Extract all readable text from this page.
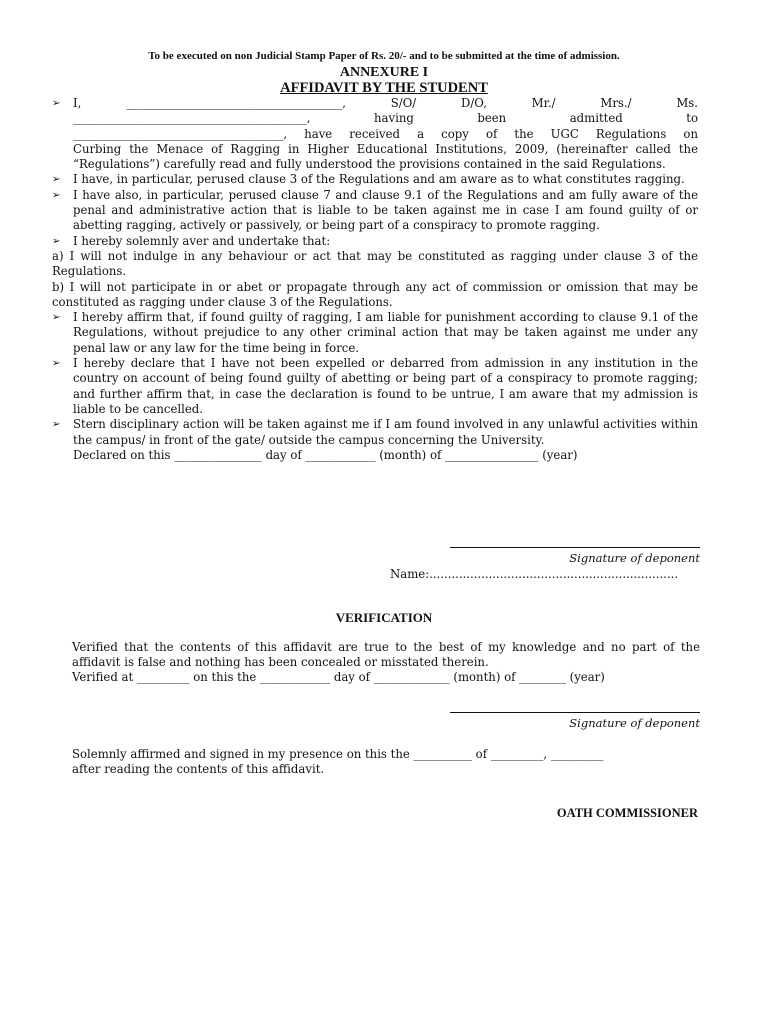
To be executed on non Judicial Stamp Paper of Rs. 20/- and to be submitted at the time of admission.
ANNEXURE I
AFFIDAVIT BY THE STUDENT
➢ I, _____________________________________, S/O/ D/O, Mr./ Mrs./ Ms.
________________________________________, having been admitted to
____________________________________, have received a copy of the UGC Regulations on
Curbing the Menace of Ragging in Higher Educational Institutions, 2009, (hereinafter called the “Regulations”) carefully read and fully understood the provisions contained in the said Regulations.
➢ I have, in particular, perused clause 3 of the Regulations and am aware as to what constitutes ragging.
➢ I have also, in particular, perused clause 7 and clause 9.1 of the Regulations and am fully aware of the penal and administrative action that is liable to be taken against me in case I am found guilty of or abetting ragging, actively or passively, or being part of a conspiracy to promote ragging.
➢ I hereby solemnly aver and undertake that:
a) I will not indulge in any behaviour or act that may be constituted as ragging under clause 3 of the Regulations.
b) I will not participate in or abet or propagate through any act of commission or omission that may be constituted as ragging under clause 3 of the Regulations.
➢ I hereby affirm that, if found guilty of ragging, I am liable for punishment according to clause 9.1 of the Regulations, without prejudice to any other criminal action that may be taken against me under any penal law or any law for the time being in force.
➢ I hereby declare that I have not been expelled or debarred from admission in any institution in the country on account of being found guilty of abetting or being part of a conspiracy to promote ragging; and further affirm that, in case the declaration is found to be untrue, I am aware that my admission is liable to be cancelled.
➢ Stern disciplinary action will be taken against me if I am found involved in any unlawful activities within the campus/ in front of the gate/ outside the campus concerning the University.
Declared on this _______________ day of ____________ (month) of ________________ (year)
Signature of deponent
Name:...................................................................
VERIFICATION
Verified that the contents of this affidavit are true to the best of my knowledge and no part of the affidavit is false and nothing has been concealed or misstated therein.
Verified at _________ on this the ____________ day of _____________ (month) of ________ (year)
Signature of deponent
Solemnly affirmed and signed in my presence on this the __________ of _________, _________
after reading the contents of this affidavit.
OATH COMMISSIONER
